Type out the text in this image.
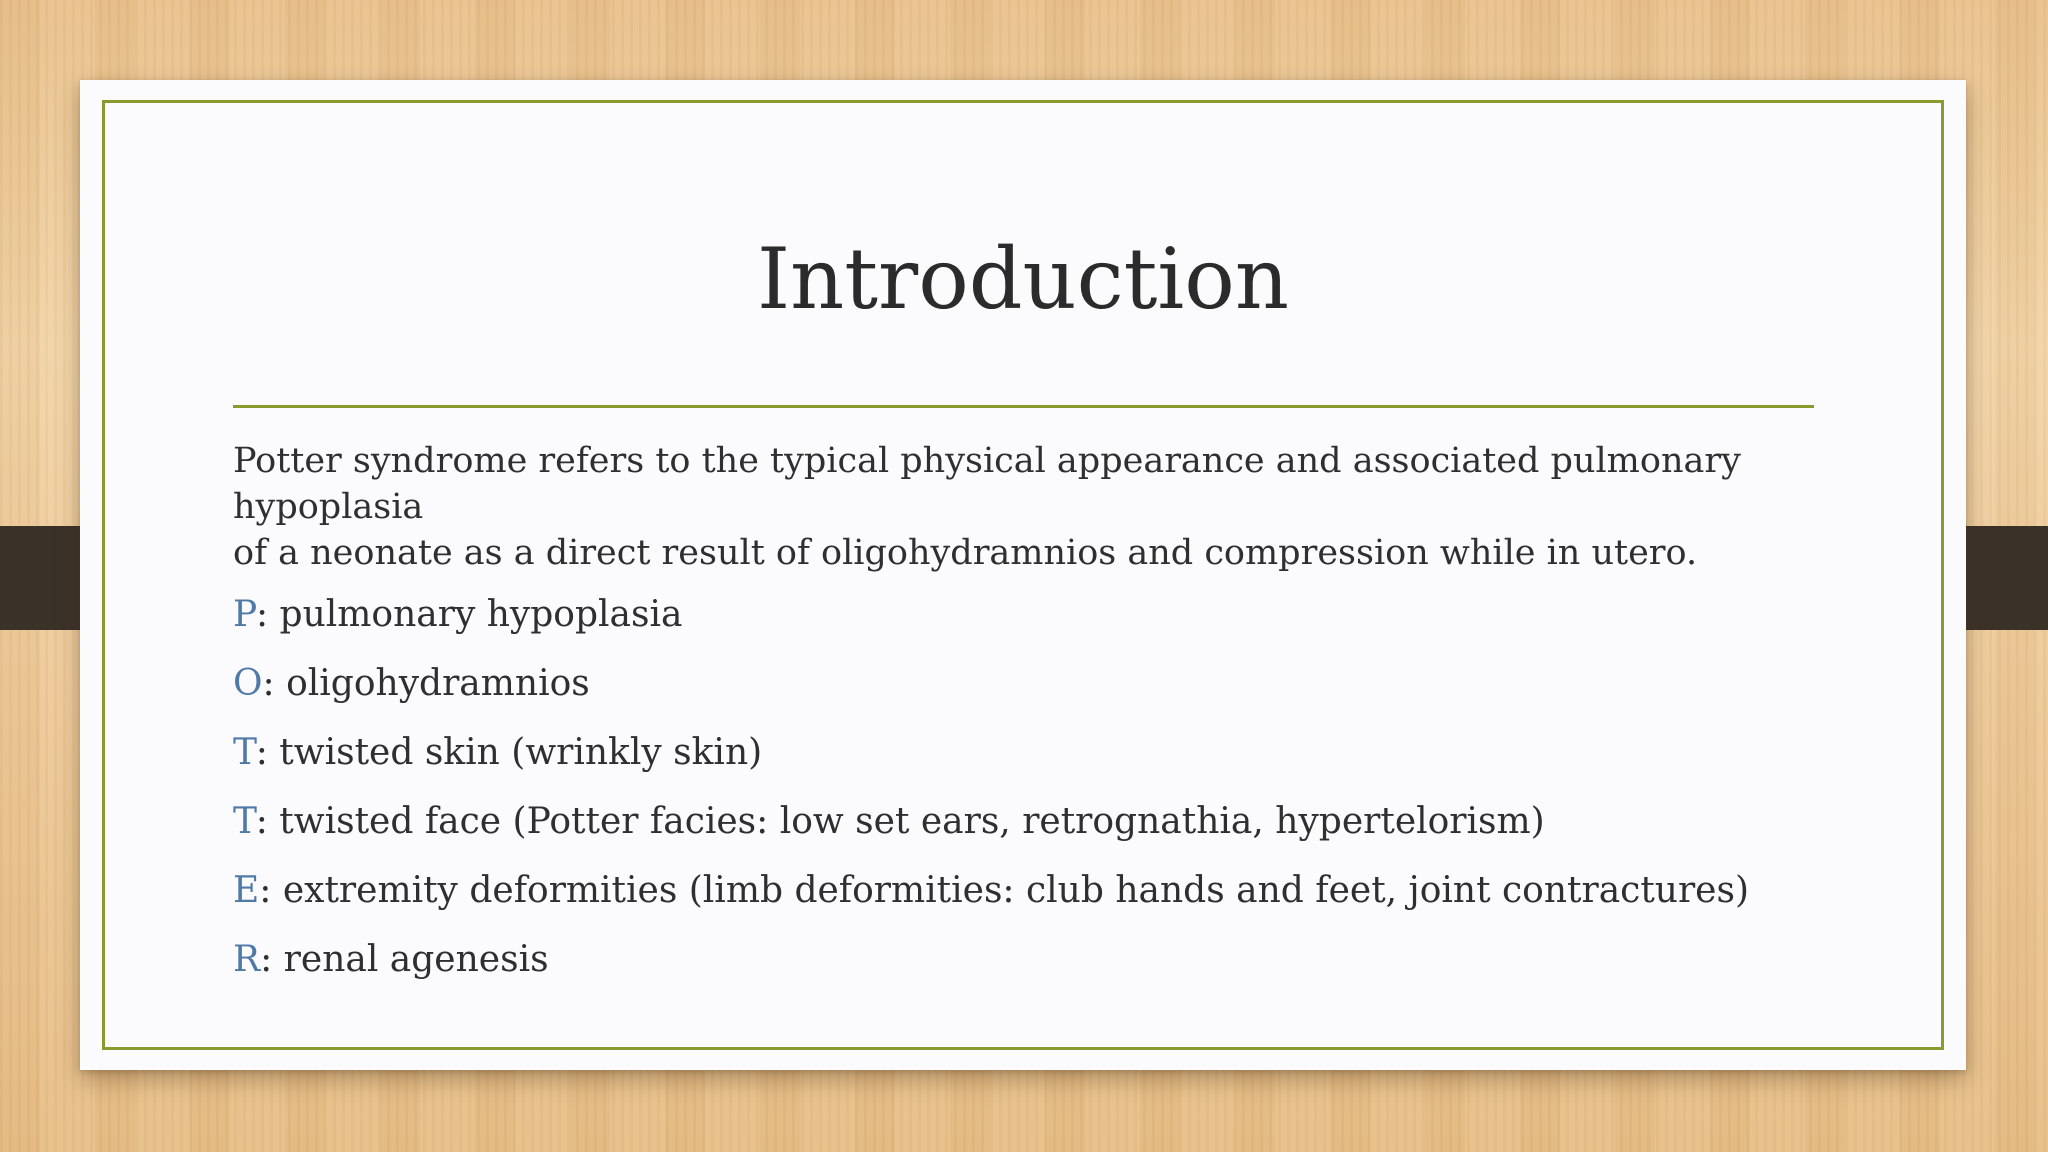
Introduction

Potter syndrome refers to the typical physical appearance and associated pulmonary hypoplasia
of a neonate as a direct result of oligohydramnios and compression while in utero.

P: pulmonary hypoplasia

O: oligohydramnios

T: twisted skin (wrinkly skin)

T: twisted face (Potter facies: low set ears, retrognathia, hypertelorism)

E: extremity deformities (limb deformities: club hands and feet, joint contractures)

R: renal agenesis
